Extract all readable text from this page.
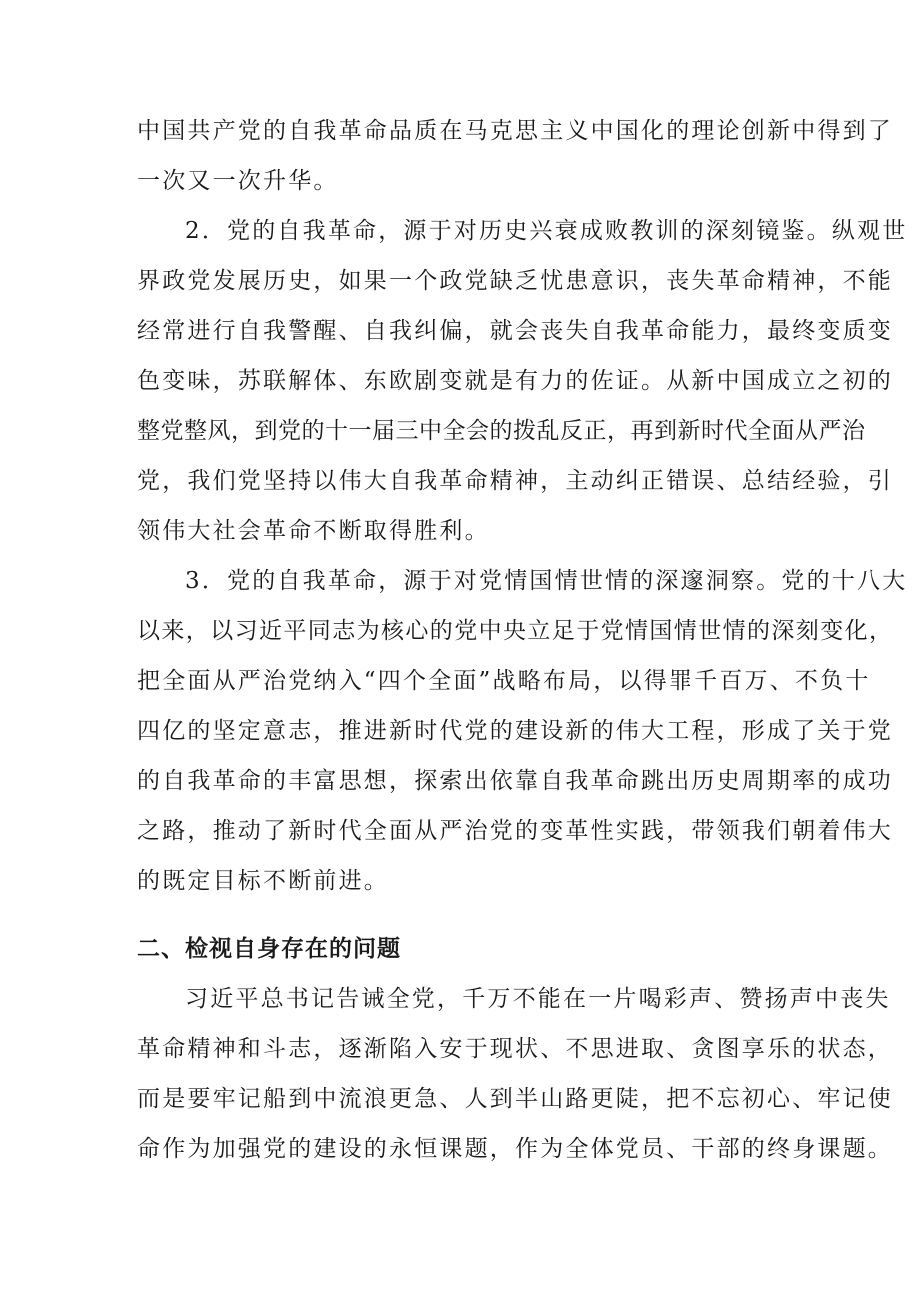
中国共产党的自我革命品质在马克思主义中国化的理论创新中得到了

一次又一次升华。

2．党的自我革命，源于对历史兴衰成败教训的深刻镜鉴。纵观世

界政党发展历史，如果一个政党缺乏忧患意识，丧失革命精神，不能

经常进行自我警醒、自我纠偏，就会丧失自我革命能力，最终变质变

色变味，苏联解体、东欧剧变就是有力的佐证。从新中国成立之初的

整党整风，到党的十一届三中全会的拨乱反正，再到新时代全面从严治

党，我们党坚持以伟大自我革命精神，主动纠正错误、总结经验，引

领伟大社会革命不断取得胜利。

3．党的自我革命，源于对党情国情世情的深邃洞察。党的十八大

以来，以习近平同志为核心的党中央立足于党情国情世情的深刻变化，

把全面从严治党纳入“四个全面”战略布局，以得罪千百万、不负十

四亿的坚定意志，推进新时代党的建设新的伟大工程，形成了关于党

的自我革命的丰富思想，探索出依靠自我革命跳出历史周期率的成功

之路，推动了新时代全面从严治党的变革性实践，带领我们朝着伟大

的既定目标不断前进。

二、检视自身存在的问题

习近平总书记告诫全党，千万不能在一片喝彩声、赞扬声中丧失

革命精神和斗志，逐渐陷入安于现状、不思进取、贪图享乐的状态，

而是要牢记船到中流浪更急、人到半山路更陡，把不忘初心、牢记使

命作为加强党的建设的永恒课题，作为全体党员、干部的终身课题。
